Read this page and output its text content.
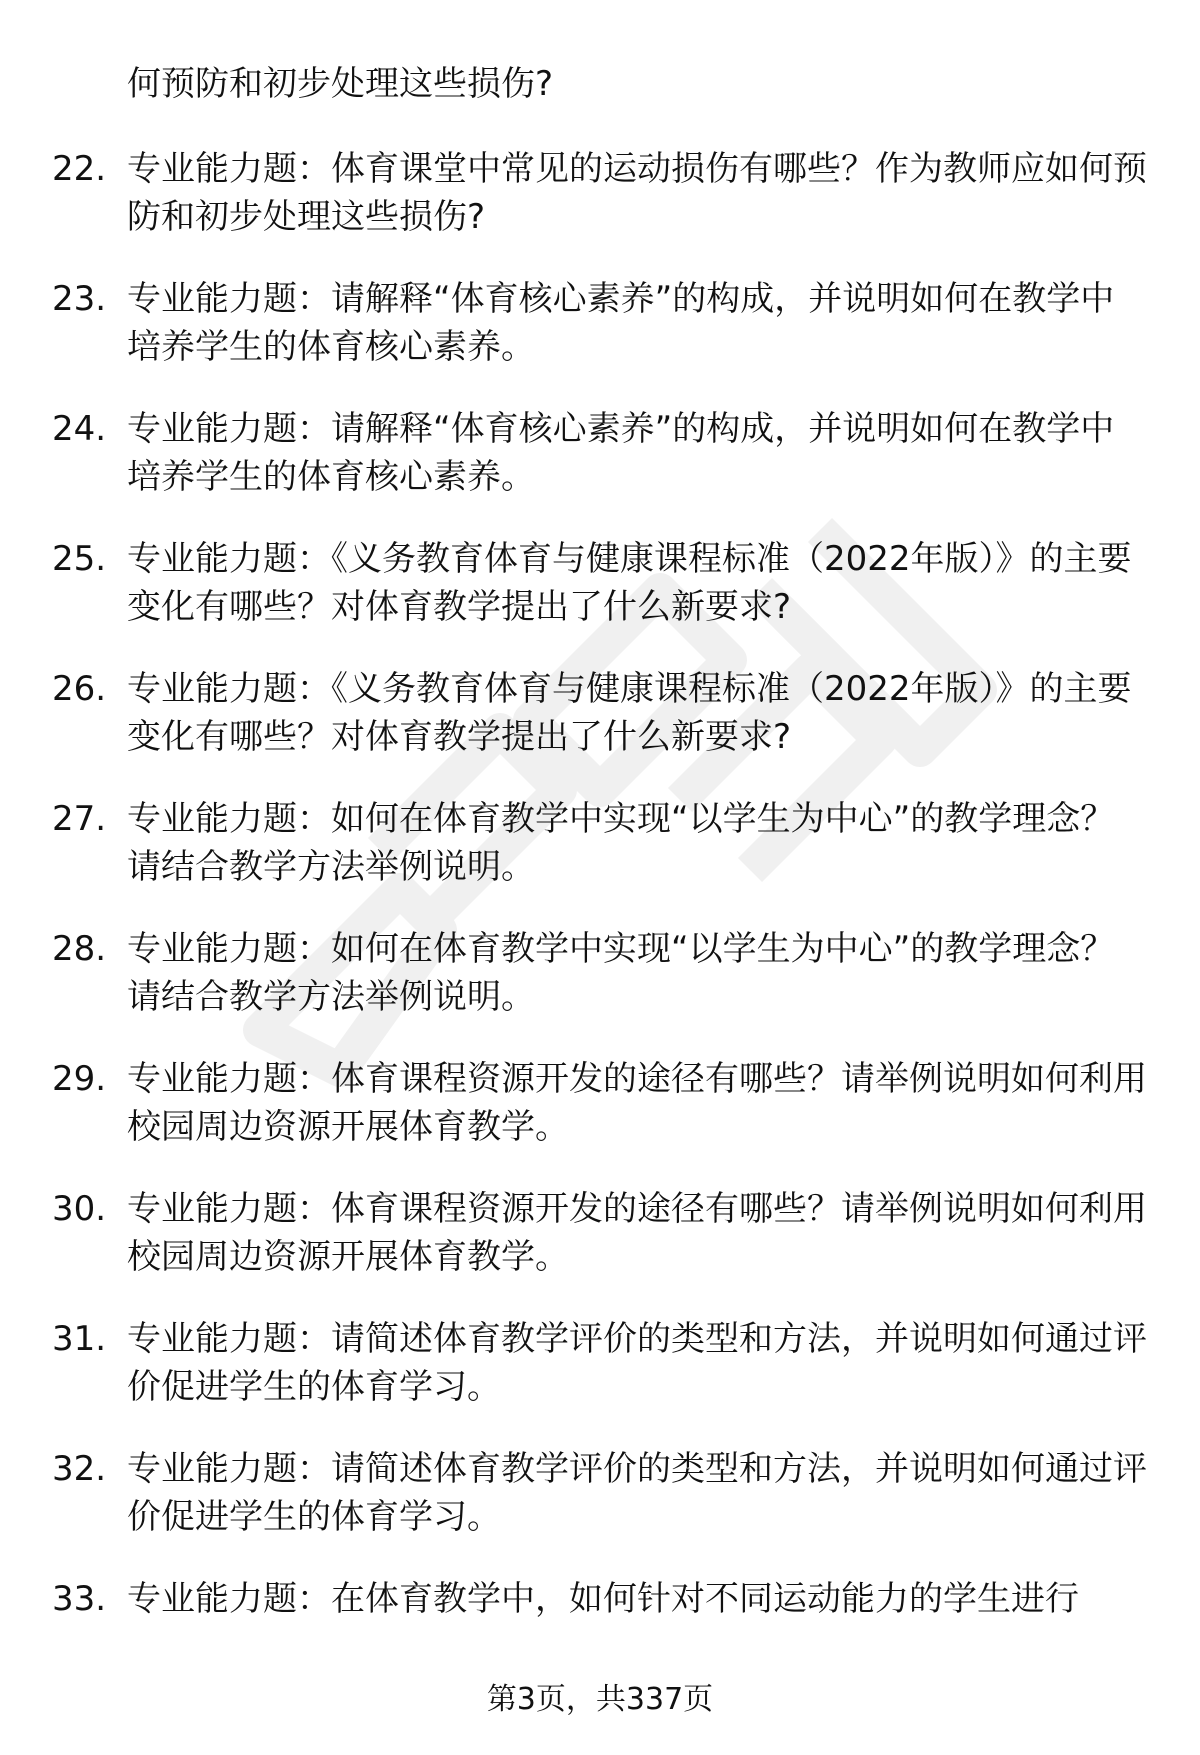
何预防和初步处理这些损伤?

22. 专业能力题：体育课堂中常见的运动损伤有哪些？作为教师应如何预防和初步处理这些损伤?
23. 专业能力题：请解释“体育核心素养”的构成，并说明如何在教学中培养学生的体育核心素养。
24. 专业能力题：请解释“体育核心素养”的构成，并说明如何在教学中培养学生的体育核心素养。
25. 专业能力题：《义务教育体育与健康课程标准（2022年版）》的主要变化有哪些？对体育教学提出了什么新要求?
26. 专业能力题：《义务教育体育与健康课程标准（2022年版）》的主要变化有哪些？对体育教学提出了什么新要求?
27. 专业能力题：如何在体育教学中实现“以学生为中心”的教学理念？请结合教学方法举例说明。
28. 专业能力题：如何在体育教学中实现“以学生为中心”的教学理念？请结合教学方法举例说明。
29. 专业能力题：体育课程资源开发的途径有哪些？请举例说明如何利用校园周边资源开展体育教学。
30. 专业能力题：体育课程资源开发的途径有哪些？请举例说明如何利用校园周边资源开展体育教学。
31. 专业能力题：请简述体育教学评价的类型和方法，并说明如何通过评价促进学生的体育学习。
32. 专业能力题：请简述体育教学评价的类型和方法，并说明如何通过评价促进学生的体育学习。
33. 专业能力题：在体育教学中，如何针对不同运动能力的学生进行
第3页，共337页
